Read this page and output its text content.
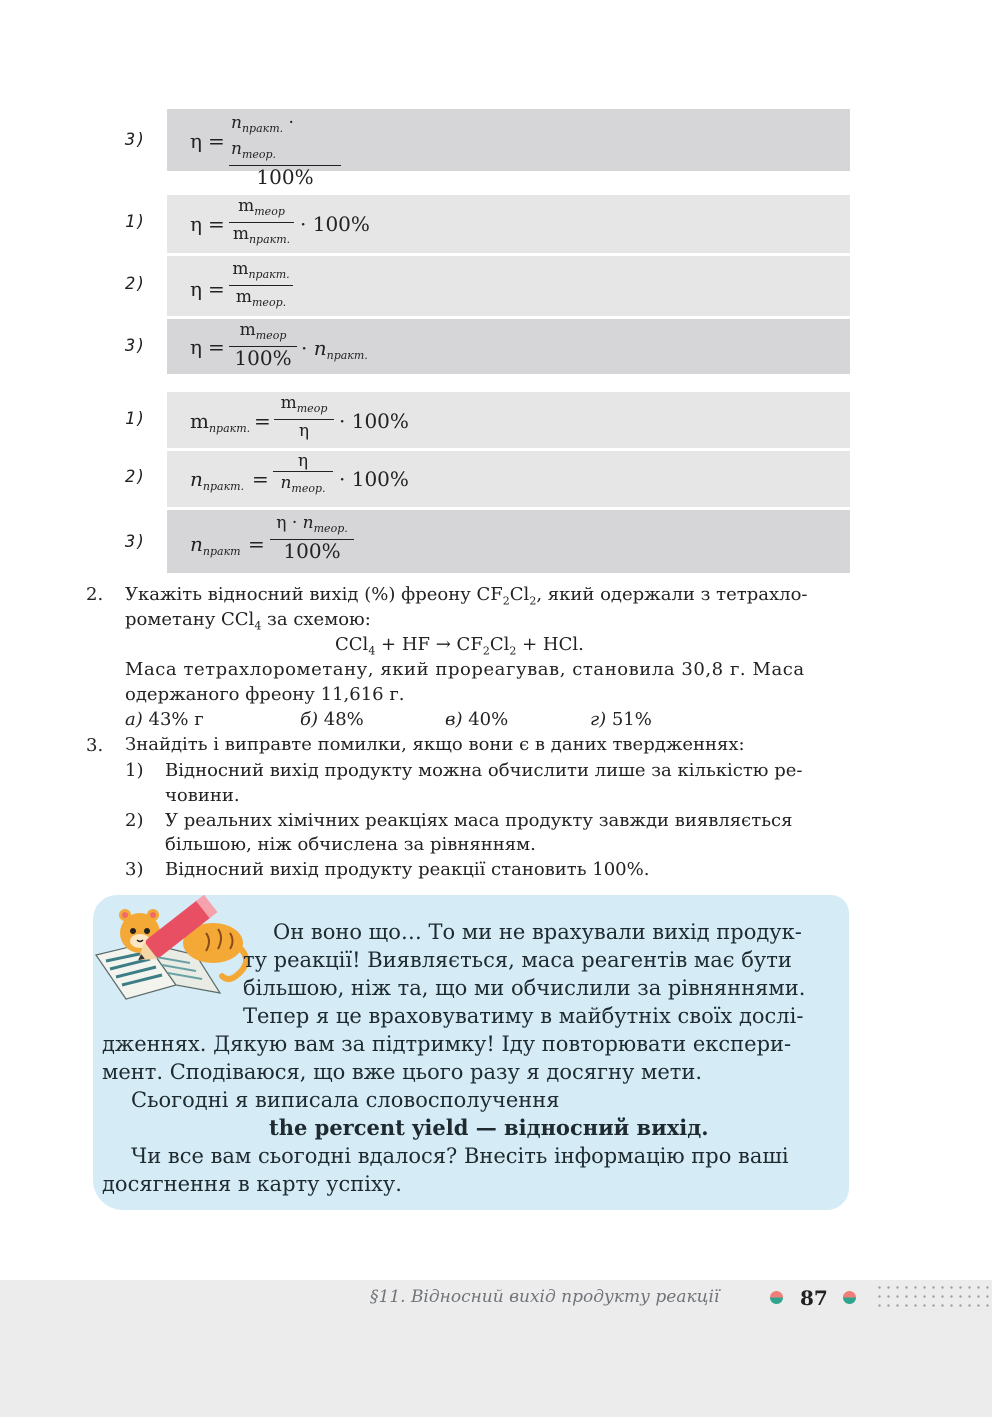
3) η =
$n_{практ.} \cdot n_{теор.}$
100%
1) η =
$m_{теор}$
$m_{практ.}$
· 100%
2) η =
$m_{практ.}$
$m_{теор.}$
3) η =
$m_{теор}$
$100\% \cdot n_{практ.}$
1) $m_{практ.}$ =
$m_{теор}$
η · 100%
2) $n_{практ.}$ =
η
$n_{теор.} \cdot 100\%$
3) $n_{практ}$ =
$\eta \cdot n_{теор.}$
100%
2. Укажіть відносний вихід (%) фреону $CF_2Cl_2$, який одержали з тетрахло-
рометану CCl$_4$ за схемою:
CCl$_4$ + HF → $CF_2Cl_2$ + HCl.
Маса тетрахлорометану, який прореагував, становила 30,8 г. Маса
одержаного фреону 11,616 г.
а) 43% г	б) 48%	в) 40%	г) 51%
3. Знайдіть і виправте помилки, якщо вони є в даних твердженнях:
1) Відносний вихід продукту можна обчислити лише за кількістю ре-
човини.
2) У реальних хімічних реакціях маса продукту завжди виявляється
більшою, ніж обчислена за рівнянням.
3) Відносний вихід продукту реакції становить 100%.
Он воно що… То ми не врахували вихід продук-
ту реакції! Виявляється, маса реагентів має бути
більшою, ніж та, що ми обчислили за рівняннями.
Тепер я це враховуватиму в майбутніх своїх дослі-
дженнях. Дякую вам за підтримку! Іду повторювати експери-
мент. Сподіваюся, що вже цього разу я досягну мети.
Сьогодні я виписала словосполучення
the percent yield — відносний вихід.
Чи все вам сьогодні вдалося? Внесіть інформацію про ваші
досягнення в карту успіху.
§11. Відносний вихід продукту реакції	87
